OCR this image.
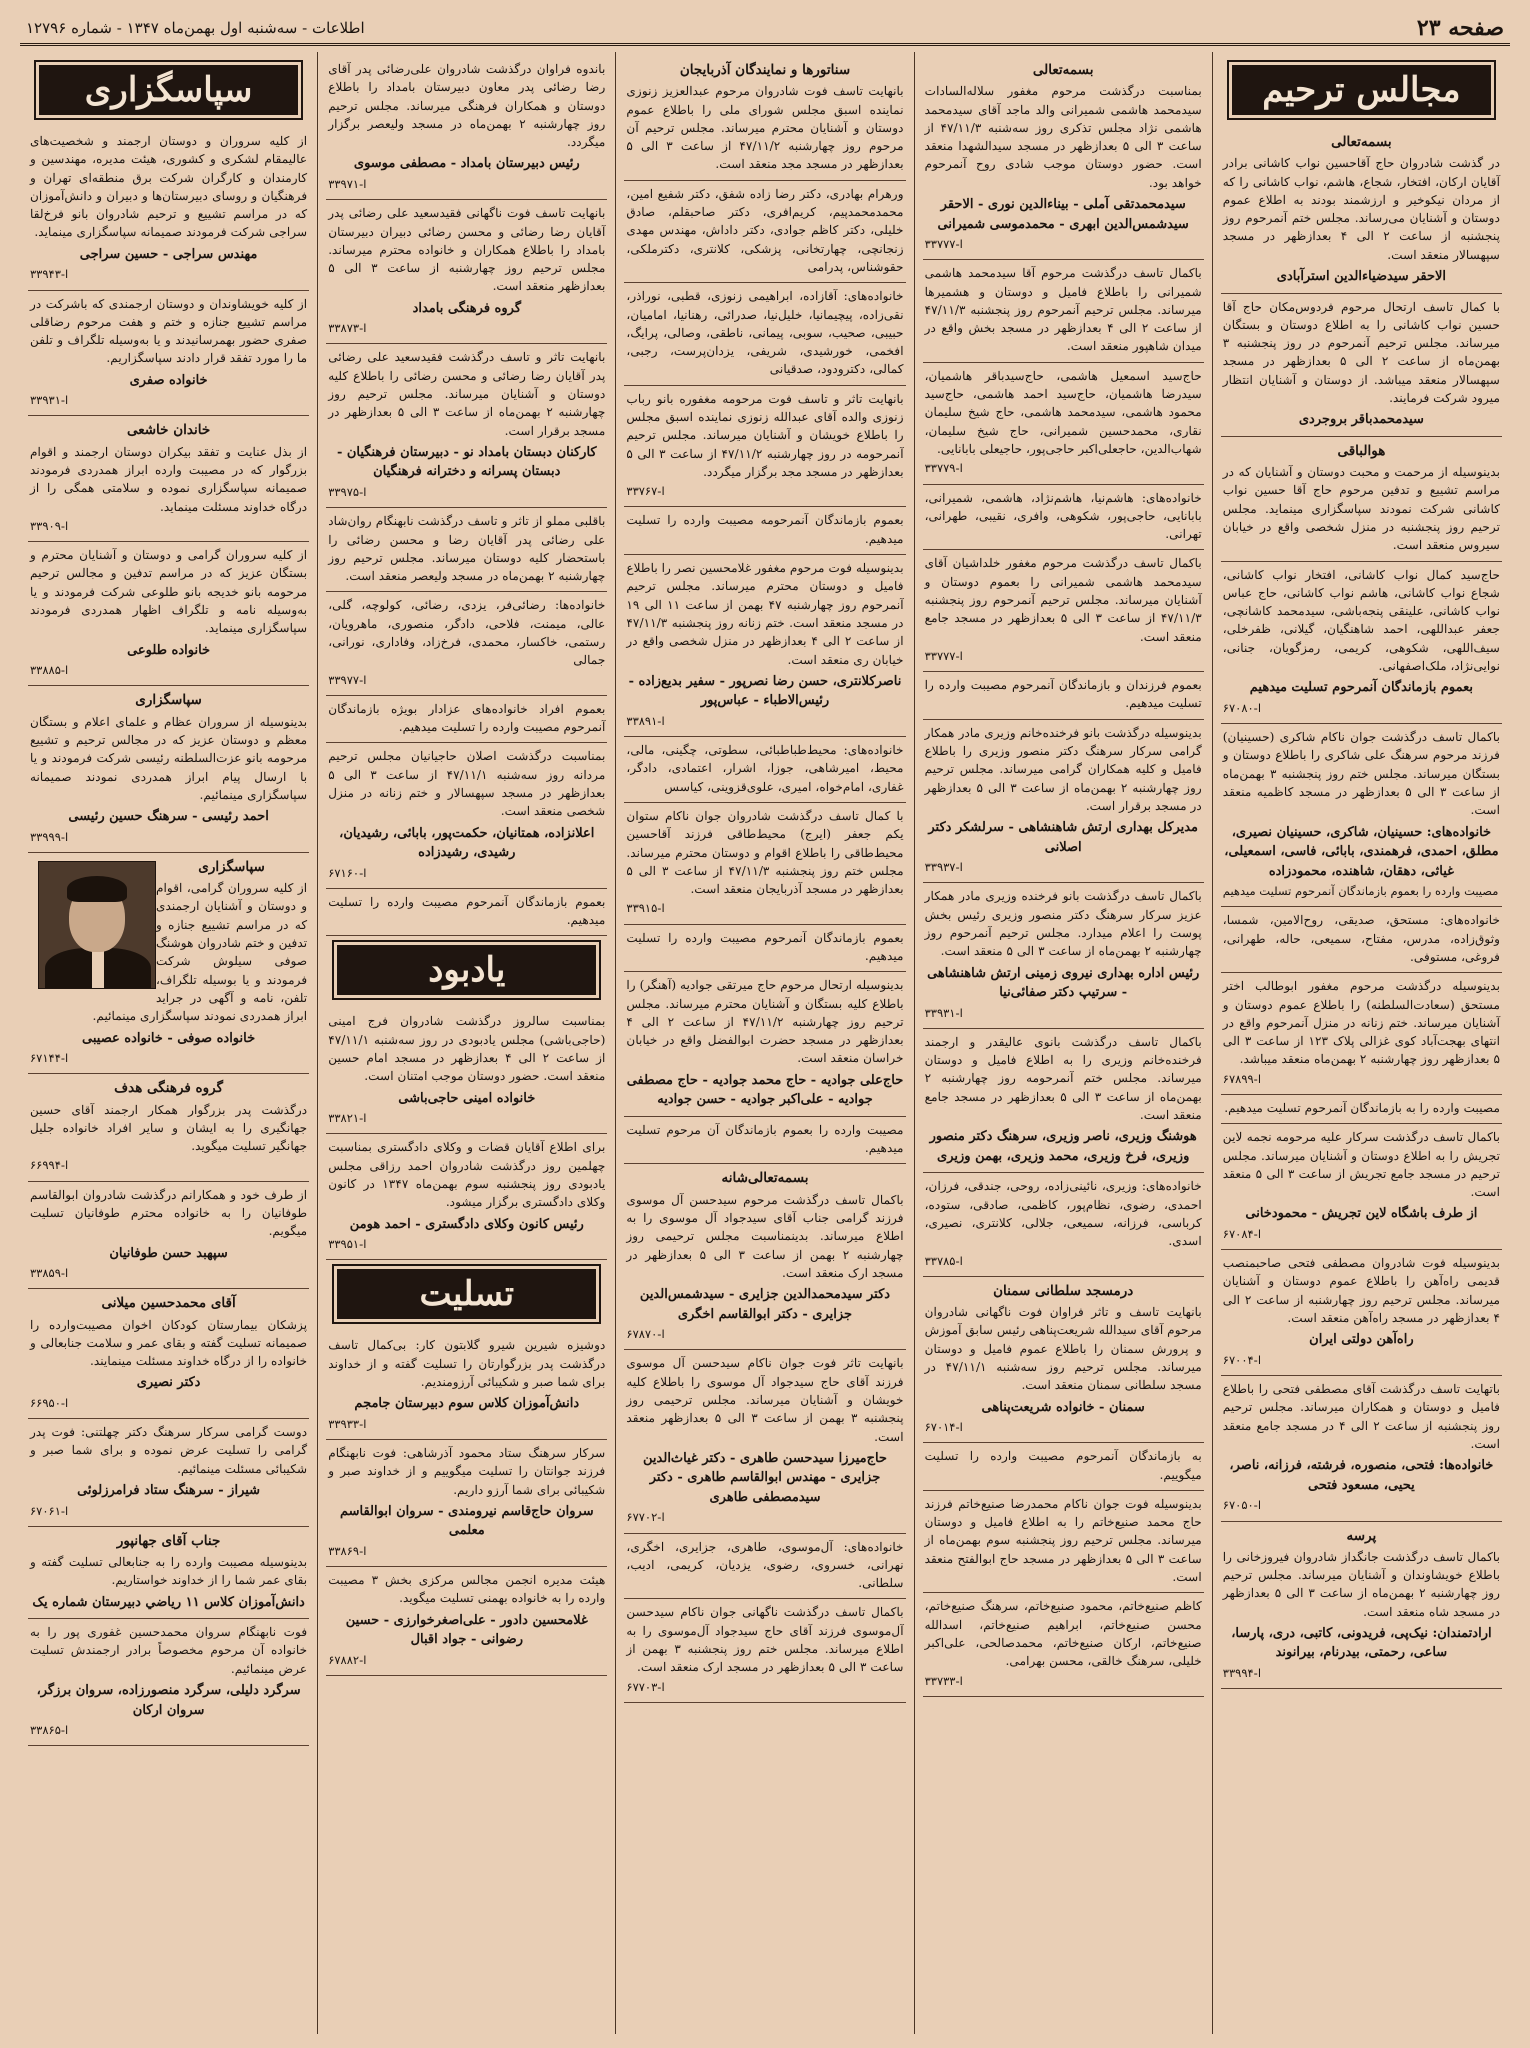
صفحه ۲۳
اطلاعات - سه‌شنبه اول بهمن‌ماه ۱۳۴۷ - شماره ۱۲۷۹۶
مجالس ترحیم
بسمه‌تعالی
در گذشت شادروان حاج آقاحسین نواب کاشانی برادر آقایان ارکان، افتخار، شجاع، هاشم، نواب کاشانی را که از مردان نیکوخیر و ارزشمند بودند به اطلاع عموم دوستان و آشنایان می‌رساند. مجلس ختم آنمرحوم روز پنجشنبه از ساعت ۲ الی ۴ بعدازظهر در مسجد سپهسالار منعقد است.
الاحقر سیدضیاءالدین استرآبادی
با کمال تاسف ارتحال مرحوم فردوس‌مکان حاج آقا حسین نواب کاشانی را به اطلاع دوستان و بستگان میرساند. مجلس ترحیم آنمرحوم در روز پنجشنبه ۳ بهمن‌ماه از ساعت ۲ الی ۵ بعدازظهر در مسجد سپهسالار منعقد میباشد. از دوستان و آشنایان انتظار میرود شرکت فرمایند.
سیدمحمدباقر بروجردی
هوالباقی
بدینوسیله از مرحمت و محبت دوستان و آشنایان که در مراسم تشییع و تدفین مرحوم حاج آقا حسین نواب کاشانی شرکت نمودند سپاسگزاری مینماید. مجلس ترحیم روز پنجشنبه در منزل شخصی واقع در خیابان سیروس منعقد است.
حاج‌سید کمال نواب کاشانی، افتخار نواب کاشانی، شجاع نواب کاشانی، هاشم نواب کاشانی، حاج عباس نواب کاشانی، علینقی پنجه‌باشی، سیدمحمد کاشانچی، جعفر عبداللهی، احمد شاهنگیان، گیلانی، ظفرخلی، سیف‌اللهی، شکوهی، کریمی، رمزگویان، جنانی، نوایی‌نژاد، ملک‌اصفهانی.
بعموم بازماندگان آنمرحوم تسلیت میدهیم
۶۷۰۸۰-ا
باکمال تاسف درگذشت جوان ناکام شاکری (حسینیان) فرزند مرحوم سرهنگ علی شاکری را باطلاع دوستان و بستگان میرساند. مجلس ختم روز پنجشنبه ۳ بهمن‌ماه از ساعت ۳ الی ۵ بعدازظهر در مسجد کاظمیه منعقد است.
خانواده‌های: حسینیان، شاکری، حسینیان نصیری، مطلق، احمدی، فرهمندی، بابائی، فاسی، اسمعیلی، غیاثی، دهقان، شاهنده، محمودزاده
مصیبت وارده را بعموم بازماندگان آنمرحوم تسلیت میدهیم
خانواده‌های: مستحق، صدیقی، روح‌الامین، شمسا، وثوق‌زاده، مدرس، مفتاح، سمیعی، حاله، طهرانی، فروغی، مستوفی.
بدینوسیله درگذشت مرحوم مغفور ابوطالب اختر مستحق (سعادت‌السلطنه) را باطلاع عموم دوستان و آشنایان میرساند. ختم زنانه در منزل آنمرحوم واقع در انتهای بهجت‌آباد کوی غزالی پلاک ۱۲۳ از ساعت ۳ الی ۵ بعدازظهر روز چهارشنبه ۲ بهمن‌ماه منعقد میباشد.
۶۷۸۹۹-ا
مصیبت وارده را به بازماندگان آنمرحوم تسلیت میدهیم.
باکمال تاسف درگذشت سرکار علیه مرحومه نجمه لاین تجریش را به اطلاع دوستان و آشنایان میرساند. مجلس ترحیم در مسجد جامع تجریش از ساعت ۳ الی ۵ منعقد است.
از طرف باشگاه لاین تجریش - محمودخانی
۶۷۰۸۴-ا
بدینوسیله فوت شادروان مصطفی فتحی صاحبمنصب قدیمی راه‌آهن را باطلاع عموم دوستان و آشنایان میرساند. مجلس ترحیم روز چهارشنبه از ساعت ۲ الی ۴ بعدازظهر در مسجد راه‌آهن منعقد است.
راه‌آهن دولتی ایران
۶۷۰۰۴-ا
باتهایت تاسف درگذشت آقای مصطفی فتحی را باطلاع فامیل و دوستان و همکاران میرساند. مجلس ترحیم روز پنجشنبه از ساعت ۲ الی ۴ در مسجد جامع منعقد است.
خانواده‌ها: فتحی، منصوره، فرشته، فرزانه، ناصر، یحیی، مسعود فتحی
۶۷۰۵۰-ا
پرسه
باکمال تاسف درگذشت جانگداز شادروان فیروزخانی را باطلاع خویشاوندان و آشنایان میرساند. مجلس ترحیم روز چهارشنبه ۲ بهمن‌ماه از ساعت ۳ الی ۵ بعدازظهر در مسجد شاه منعقد است.
ارادتمندان: نیک‌پی، فریدونی، کاتبی، دری، پارسا، ساعی، رحمتی، بیدرنام، بیرانوند
۳۳۹۹۴-ا
بسمه‌تعالی
بمناسبت درگذشت مرحوم مغفور سلاله‌السادات سیدمحمد هاشمی شمیرانی والد ماجد آقای سیدمحمد هاشمی نژاد مجلس تذکری روز سه‌شنبه ۴۷/۱۱/۳ از ساعت ۳ الی ۵ بعدازظهر در مسجد سیدالشهدا منعقد است. حضور دوستان موجب شادی روح آنمرحوم خواهد بود.
سیدمحمدتقی آملی - بیناءالدین نوری - الاحقر سیدشمس‌الدین ابهری - محمدموسی شمیرانی
۳۳۷۷۷-ا
باکمال تاسف درگذشت مرحوم آقا سیدمحمد هاشمی شمیرانی را باطلاع فامیل و دوستان و هشمیرها میرساند. مجلس ترحیم آنمرحوم روز پنجشنبه ۴۷/۱۱/۳ از ساعت ۲ الی ۴ بعدازظهر در مسجد بخش واقع در میدان شاهپور منعقد است.
حاج‌سید اسمعیل هاشمی، حاج‌سیدباقر هاشمیان، سیدرضا هاشمیان، حاج‌سید احمد هاشمی، حاج‌سید محمود هاشمی، سیدمحمد هاشمی، حاج شیخ سلیمان نقاری، محمدحسین شمیرانی، حاج شیخ سلیمان، شهاب‌الدین، حاجعلی‌اکبر حاجی‌پور، حاجیعلی بابانایی.
۳۳۷۷۹-ا
خانواده‌های: هاشم‌نیا، هاشم‌نژاد، هاشمی، شمیرانی، بابانایی، حاجی‌پور، شکوهی، وافری، نقیبی، طهرانی، تهرانی.
باکمال تاسف درگذشت مرحوم مغفور خلداشیان آقای سیدمحمد هاشمی شمیرانی را بعموم دوستان و آشنایان میرساند. مجلس ترحیم آنمرحوم روز پنجشنبه ۴۷/۱۱/۳ از ساعت ۳ الی ۵ بعدازظهر در مسجد جامع منعقد است.
۳۳۷۷۷-ا
بعموم فرزندان و بازماندگان آنمرحوم مصیبت وارده را تسلیت میدهیم.
بدینوسیله درگذشت بانو فرخنده‌خانم وزیری مادر همکار گرامی سرکار سرهنگ دکتر منصور وزیری را باطلاع فامیل و کلیه همکاران گرامی میرساند. مجلس ترحیم روز چهارشنبه ۲ بهمن‌ماه از ساعت ۳ الی ۵ بعدازظهر در مسجد برقرار است.
مدیرکل بهداری ارتش شاهنشاهی - سرلشکر دکتر اصلانی
۳۳۹۳۷-ا
باکمال تاسف درگذشت بانو فرخنده وزیری مادر همکار عزیز سرکار سرهنگ دکتر منصور وزیری رئیس بخش پوست را اعلام میدارد. مجلس ترحیم آنمرحوم روز چهارشنبه ۲ بهمن‌ماه از ساعت ۳ الی ۵ منعقد است.
رئیس اداره بهداری نیروی زمینی ارتش شاهنشاهی - سرتیپ دکتر صفائی‌نیا
۳۳۹۳۱-ا
باکمال تاسف درگذشت بانوی عالیقدر و ارجمند فرخنده‌خانم وزیری را به اطلاع فامیل و دوستان میرساند. مجلس ختم آنمرحومه روز چهارشنبه ۲ بهمن‌ماه از ساعت ۳ الی ۵ بعدازظهر در مسجد جامع منعقد است.
هوشنگ وزیری، ناصر وزیری، سرهنگ دکتر منصور وزیری، فرخ وزیری، محمد وزیری، بهمن وزیری
خانواده‌های: وزیری، نائینی‌زاده، روحی، جندقی، فرزان، احمدی، رضوی، نظام‌پور، کاظمی، صادقی، ستوده، کرباسی، فرزانه، سمیعی، جلالی، کلانتری، نصیری، اسدی.
۳۳۷۸۵-ا
درمسجد سلطانی سمنان
بانهایت تاسف و تاثر فراوان فوت ناگهانی شادروان مرحوم آقای سیدالله شریعت‌پناهی رئیس سابق آموزش و پرورش سمنان را باطلاع عموم فامیل و دوستان میرساند. مجلس ترحیم روز سه‌شنبه ۴۷/۱۱/۱ در مسجد سلطانی سمنان منعقد است.
سمنان - خانواده شریعت‌پناهی
۶۷۰۱۴-ا
به بازماندگان آنمرحوم مصیبت وارده را تسلیت میگوییم.
بدینوسیله فوت جوان ناکام محمدرضا صنیع‌خاتم فرزند حاج محمد صنیع‌خاتم را به اطلاع فامیل و دوستان میرساند. مجلس ترحیم روز پنجشنبه سوم بهمن‌ماه از ساعت ۳ الی ۵ بعدازظهر در مسجد حاج ابوالفتح منعقد است.
کاظم صنیع‌خاتم، محمود صنیع‌خاتم، سرهنگ صنیع‌خاتم، محسن صنیع‌خاتم، ابراهیم صنیع‌خاتم، اسدالله صنیع‌خاتم، ارکان صنیع‌خاتم، محمدصالحی، علی‌اکبر خلیلی، سرهنگ خالقی، محسن بهرامی.
۳۳۷۳۳-ا
سناتورها و نمایندگان آذربایجان
بانهایت تاسف فوت شادروان مرحوم عبدالعزیز زنوزی نماینده اسبق مجلس شورای ملی را باطلاع عموم دوستان و آشنایان محترم میرساند. مجلس ترحیم آن مرحوم روز چهارشنبه ۴۷/۱۱/۲ از ساعت ۳ الی ۵ بعدازظهر در مسجد مجد منعقد است.
ورهرام بهادری، دکتر رضا زاده شفق، دکتر شفیع امین، محمدمحمدپیم، کریم‌افری، دکتر صاحبقلم، صادق خلیلی، دکتر کاظم جوادی، دکتر داداش، مهندس مهدی زنجانچی، چهارتخانی، پزشکی، کلانتری، دکترملکی، حقوشناس، پدرامی
خانواده‌های: آقازاده، ابراهیمی زنوزی، قطبی، نوراذر، نقی‌زاده، پیچیمانیا، خلیل‌نیا، صدرائی، رهنانیا، امامیان، حبیبی، صحیب، سوبی، پیمانی، ناطقی، وصالی، پرایگ، افخمی، خورشیدی، شریفی، یزدان‌پرست، رجبی، کمالی، دکترودود، صدقیانی
بانهایت تاثر و تاسف فوت مرحومه مغفوره بانو رباب زنوزی والده آقای عبدالله زنوزی نماینده اسبق مجلس را باطلاع خویشان و آشنایان میرساند. مجلس ترحیم آنمرحومه در روز چهارشنبه ۴۷/۱۱/۲ از ساعت ۳ الی ۵ بعدازظهر در مسجد مجد برگزار میگردد.
۳۳۷۶۷-ا
بعموم بازماندگان آنمرحومه مصیبت وارده را تسلیت میدهیم.
بدینوسیله فوت مرحوم مغفور غلامحسین نصر را باطلاع فامیل و دوستان محترم میرساند. مجلس ترحیم آنمرحوم روز چهارشنبه ۴۷ بهمن از ساعت ۱۱ الی ۱۹ در مسجد منعقد است. ختم زنانه روز پنجشنبه ۴۷/۱۱/۳ از ساعت ۲ الی ۴ بعدازظهر در منزل شخصی واقع در خیابان ری منعقد است.
ناصرکلانتری، حسن رضا نصرپور - سفیر بدیع‌زاده - رئیس‌الاطباء - عباس‌پور
۳۳۸۹۱-ا
خانواده‌های: محیط‌طباطبائی، سطوتی، چگینی، مالی، محیط، امیرشاهی، جوزا، اشرار، اعتمادی، دادگر، غفاری، امام‌خواه، امیری، علوی‌قزوینی، کیاسس
با کمال تاسف درگذشت شادروان جوان ناکام ستوان یکم جعفر (ایرج) محیط‌طاقی فرزند آقاحسین محیط‌طاقی را باطلاع اقوام و دوستان محترم میرساند. مجلس ختم روز پنجشنبه ۴۷/۱۱/۳ از ساعت ۳ الی ۵ بعدازظهر در مسجد آذربایجان منعقد است.
۳۳۹۱۵-ا
بعموم بازماندگان آنمرحوم مصیبت وارده را تسلیت میدهیم.
بدینوسیله ارتحال مرحوم حاج میرتقی جوادیه (آهنگر) را باطلاع کلیه بستگان و آشنایان محترم میرساند. مجلس ترحیم روز چهارشنبه ۴۷/۱۱/۲ از ساعت ۲ الی ۴ بعدازظهر در مسجد حضرت ابوالفضل واقع در خیابان خراسان منعقد است.
حاج‌علی جوادیه - حاج محمد جوادیه - حاج مصطفی جوادیه - علی‌اکبر جوادیه - حسن جوادیه
مصیبت وارده را بعموم بازماندگان آن مرحوم تسلیت میدهیم.
بسمه‌تعالی‌شانه
باکمال تاسف درگذشت مرحوم سیدحسن آل موسوی فرزند گرامی جناب آقای سیدجواد آل موسوی را به اطلاع میرساند. بدینمناسبت مجلس ترحیمی روز چهارشنبه ۲ بهمن از ساعت ۳ الی ۵ بعدازظهر در مسجد ارک منعقد است.
دکتر سیدمحمدالدین جزایری - سیدشمس‌الدین جزایری - دکتر ابوالقاسم اخگری
۶۷۸۷۰-ا
بانهایت تاثر فوت جوان ناکام سیدحسن آل موسوی فرزند آقای حاج سیدجواد آل موسوی را باطلاع کلیه خویشان و آشنایان میرساند. مجلس ترحیمی روز پنجشنبه ۳ بهمن از ساعت ۳ الی ۵ بعدازظهر منعقد است.
حاج‌میرزا سیدحسن طاهری - دکتر غیاث‌الدین جزایری - مهندس ابوالقاسم طاهری - دکتر سیدمصطفی طاهری
۶۷۷۰۲-ا
خانواده‌های: آل‌موسوی، طاهری، جزایری، اخگری، نهرانی، خسروی، رضوی، یزدیان، کریمی، ادیب، سلطانی.
باکمال تاسف درگذشت ناگهانی جوان ناکام سیدحسن آل‌موسوی فرزند آقای حاج سیدجواد آل‌موسوی را به اطلاع میرساند. مجلس ختم روز پنجشنبه ۳ بهمن از ساعت ۳ الی ۵ بعدازظهر در مسجد ارک منعقد است.
۶۷۷۰۳-ا
باندوه فراوان درگذشت شادروان علی‌رضائی پدر آقای رضا رضائی پدر معاون دبیرستان بامداد را باطلاع دوستان و همکاران فرهنگی میرساند. مجلس ترحیم روز چهارشنبه ۲ بهمن‌ماه در مسجد ولیعصر برگزار میگردد.
رئیس دبیرستان بامداد - مصطفی موسوی
۳۳۹۷۱-ا
بانهایت تاسف فوت ناگهانی فقیدسعید علی رضائی پدر آقایان رضا رضائی و محسن رضائی دبیران دبیرستان بامداد را باطلاع همکاران و خانواده محترم میرساند. مجلس ترحیم روز چهارشنبه از ساعت ۳ الی ۵ بعدازظهر منعقد است.
گروه فرهنگی بامداد
۳۳۸۷۳-ا
بانهایت تاثر و تاسف درگذشت فقیدسعید علی رضائی پدر آقایان رضا رضائی و محسن رضائی را باطلاع کلیه دوستان و آشنایان میرساند. مجلس ترحیم روز چهارشنبه ۲ بهمن‌ماه از ساعت ۳ الی ۵ بعدازظهر در مسجد برقرار است.
کارکنان دبستان بامداد نو - دبیرستان فرهنگیان - دبستان پسرانه و دخترانه فرهنگیان
۳۳۹۷۵-ا
باقلبی مملو از تاثر و تاسف درگذشت نابهنگام روان‌شاد علی رضائی پدر آقایان رضا و محسن رضائی را باستحضار کلیه دوستان میرساند. مجلس ترحیم روز چهارشنبه ۲ بهمن‌ماه در مسجد ولیعصر منعقد است.
خانواده‌ها: رضائی‌فر، یزدی، رضائی، کولوچه، گلی، عالی، میمنت، فلاحی، دادگر، منصوری، ماهرویان، رستمی، خاکسار، محمدی، فرخ‌زاد، وفاداری، نورانی، جمالی
۳۳۹۷۷-ا
بعموم افراد خانواده‌های عزادار بویژه بازماندگان آنمرحوم مصیبت وارده را تسلیت میدهیم.
بمناسبت درگذشت اصلان حاجیانیان مجلس ترحیم مردانه روز سه‌شنبه ۴۷/۱۱/۱ از ساعت ۳ الی ۵ بعدازظهر در مسجد سپهسالار و ختم زنانه در منزل شخصی منعقد است.
اعلانزاده، همتانیان، حکمت‌پور، بابائی، رشیدیان، رشیدی، رشیدزاده
۶۷۱۶۰-ا
بعموم بازماندگان آنمرحوم مصیبت وارده را تسلیت میدهیم.
یادبود
بمناسبت سالروز درگذشت شادروان فرج امینی (حاجی‌باشی) مجلس یادبودی در روز سه‌شنبه ۴۷/۱۱/۱ از ساعت ۲ الی ۴ بعدازظهر در مسجد امام حسین منعقد است. حضور دوستان موجب امتنان است.
خانواده امینی حاجی‌باشی
۳۳۸۲۱-ا
برای اطلاع آقایان قضات و وکلای دادگستری بمناسبت چهلمین روز درگذشت شادروان احمد رزاقی مجلس یادبودی روز پنجشنبه سوم بهمن‌ماه ۱۳۴۷ در کانون وکلای دادگستری برگزار میشود.
رئیس کانون وکلای دادگستری - احمد هومن
۳۳۹۵۱-ا
تسلیت
دوشیزه شیرین شیرو گلابتون کار: بی‌کمال تاسف درگذشت پدر بزرگوارتان را تسلیت گفته و از خداوند برای شما صبر و شکیبائی آرزومندیم.
دانش‌آموزان کلاس سوم دبیرستان جامجم
۳۳۹۳۳-ا
سرکار سرهنگ ستاد محمود آذرشاهی: فوت نابهنگام فرزند جوانتان را تسلیت میگوییم و از خداوند صبر و شکیبائی برای شما آرزو داریم.
سروان حاج‌قاسم نیرومندی - سروان ابوالقاسم معلمی
۳۳۸۶۹-ا
هیئت مدیره انجمن مجالس مرکزی بخش ۳ مصیبت وارده را به خانواده بهمنی تسلیت میگوید.
غلامحسین دادور - علی‌اصغرخوارزی - حسین رضوانی - جواد اقبال
۶۷۸۸۲-ا
سپاسگزاری
از کلیه سروران و دوستان ارجمند و شخصیت‌های عالیمقام لشکری و کشوری، هیئت مدیره، مهندسین و کارمندان و کارگران شرکت برق منطقه‌ای تهران و فرهنگیان و روسای دبیرستان‌ها و دبیران و دانش‌آموزان که در مراسم تشییع و ترحیم شادروان بانو فرخ‌لقا سراجی شرکت فرمودند صمیمانه سپاسگزاری مینماید.
مهندس سراجی - حسین سراجی
۳۳۹۴۳-ا
از کلیه خویشاوندان و دوستان ارجمندی که باشرکت در مراسم تشییع جنازه و ختم و هفت مرحوم رضا‌قلی صفری حضور بهمرسانیدند و یا به‌وسیله تلگراف و تلفن ما را مورد تفقد قرار دادند سپاسگزاریم.
خانواده صفری
۳۳۹۳۱-ا
خاندان خاشعی
از بذل عنایت و تفقد بیکران دوستان ارجمند و اقوام بزرگوار که در مصیبت وارده ابراز همدردی فرمودند صمیمانه سپاسگزاری نموده و سلامتی همگی را از درگاه خداوند مسئلت مینماید.
۳۳۹۰۹-ا
از کلیه سروران گرامی و دوستان و آشنایان محترم و بستگان عزیز که در مراسم تدفین و مجالس ترحیم مرحومه بانو خدیجه بانو طلوعی شرکت فرمودند و یا به‌وسیله نامه و تلگراف اظهار همدردی فرمودند سپاسگزاری مینماید.
خانواده طلوعی
۳۳۸۸۵-ا
سپاسگزاری
بدینوسیله از سروران عظام و علمای اعلام و بستگان معظم و دوستان عزیز که در مجالس ترحیم و تشییع مرحومه بانو عزت‌السلطنه رئیسی شرکت فرمودند و یا با ارسال پیام ابراز همدردی نمودند صمیمانه سپاسگزاری مینمائیم.
احمد رئیسی - سرهنگ حسین رئیسی
۳۳۹۹۹-ا
سپاسگزاری
از کلیه سروران گرامی، اقوام و دوستان و آشنایان ارجمندی که در مراسم تشییع جنازه و تدفین و ختم شادروان هوشنگ صوفی سیلوش شرکت فرمودند و یا بوسیله تلگراف، تلفن، نامه و آگهی در جراید ابراز همدردی نمودند سپاسگزاری مینمائیم.
خانواده صوفی - خانواده عصیبی
۶۷۱۴۴-ا
گروه فرهنگی هدف
درگذشت پدر بزرگوار همکار ارجمند آقای حسین جهانگیری را به ایشان و سایر افراد خانواده جلیل جهانگیر تسلیت میگوید.
۶۶۹۹۴-ا
از طرف خود و همکارانم درگذشت شادروان ابوالقاسم طوفانیان را به خانواده محترم طوفانیان تسلیت میگویم.
سپهبد حسن طوفانیان
۳۳۸۵۹-ا
آقای محمدحسین میلانی
پزشکان بیمارستان کودکان اخوان مصیبت‌وارده را صمیمانه تسلیت گفته و بقای عمر و سلامت جنابعالی و خانواده را از درگاه خداوند مسئلت مینمایند.
دکتر نصیری
۶۶۹۵۰-ا
دوست گرامی سرکار سرهنگ دکتر چهلتنی: فوت پدر گرامی را تسلیت عرض نموده و برای شما صبر و شکیبائی مسئلت مینمائیم.
شیراز - سرهنگ ستاد فرامرزلوئی
۶۷۰۶۱-ا
جناب آقای جهانپور
بدینوسیله مصیبت وارده را به جنابعالی تسلیت گفته و بقای عمر شما را از خداوند خواستاریم.
دانش‌آموزان کلاس ۱۱ رياضي دبيرستان شماره یک
فوت نابهنگام سروان محمدحسین غفوری پور را به خانواده آن مرحوم مخصوصاً برادر ارجمندش تسلیت عرض مینمائیم.
سرگرد دلیلی، سرگرد منصورزاده، سروان برزگر، سروان ارکان
۳۳۸۶۵-ا
